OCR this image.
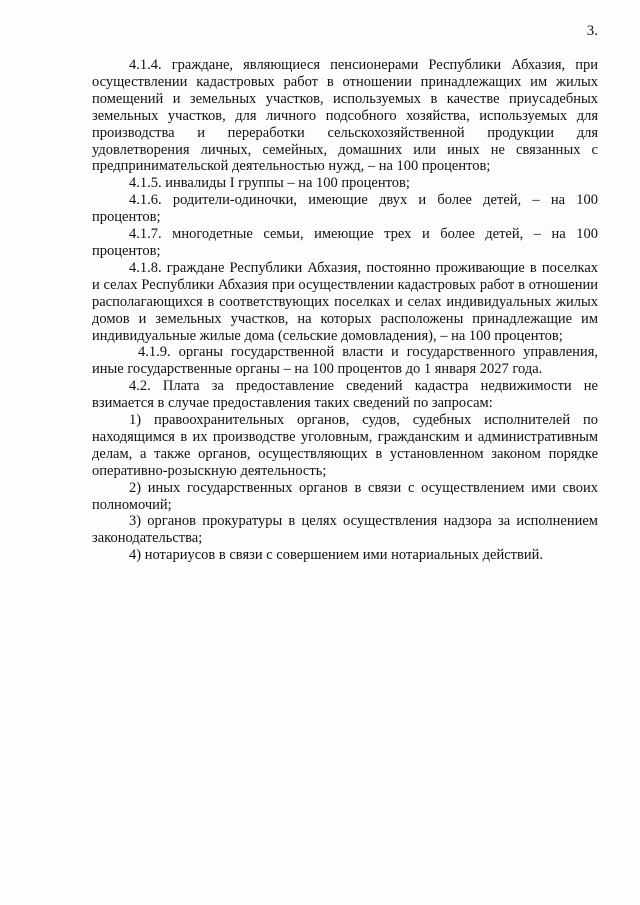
3.

4.1.4. граждане, являющиеся пенсионерами Республики Абхазия, при осуществлении кадастровых работ в отношении принадлежащих им жилых помещений и земельных участков, используемых в качестве приусадебных земельных участков, для личного подсобного хозяйства, используемых для производства и переработки сельскохозяйственной продукции для удовлетворения личных, семейных, домашних или иных не связанных с предпринимательской деятельностью нужд, – на 100 процентов;

4.1.5. инвалиды I группы – на 100 процентов;

4.1.6. родители-одиночки, имеющие двух и более детей, – на 100 процентов;

4.1.7. многодетные семьи, имеющие трех и более детей, – на 100 процентов;

4.1.8. граждане Республики Абхазия, постоянно проживающие в поселках и селах Республики Абхазия при осуществлении кадастровых работ в отношении располагающихся в соответствующих поселках и селах индивидуальных жилых домов и земельных участков, на которых расположены принадлежащие им индивидуальные жилые дома (сельские домовладения), – на 100 процентов;

4.1.9. органы государственной власти и государственного управления, иные государственные органы – на 100 процентов до 1 января 2027 года.

4.2. Плата за предоставление сведений кадастра недвижимости не взимается в случае предоставления таких сведений по запросам:

1) правоохранительных органов, судов, судебных исполнителей по находящимся в их производстве уголовным, гражданским и административным делам, а также органов, осуществляющих в установленном законом порядке оперативно-розыскную деятельность;

2) иных государственных органов в связи с осуществлением ими своих полномочий;

3) органов прокуратуры в целях осуществления надзора за исполнением законодательства;

4) нотариусов в связи с совершением ими нотариальных действий.
